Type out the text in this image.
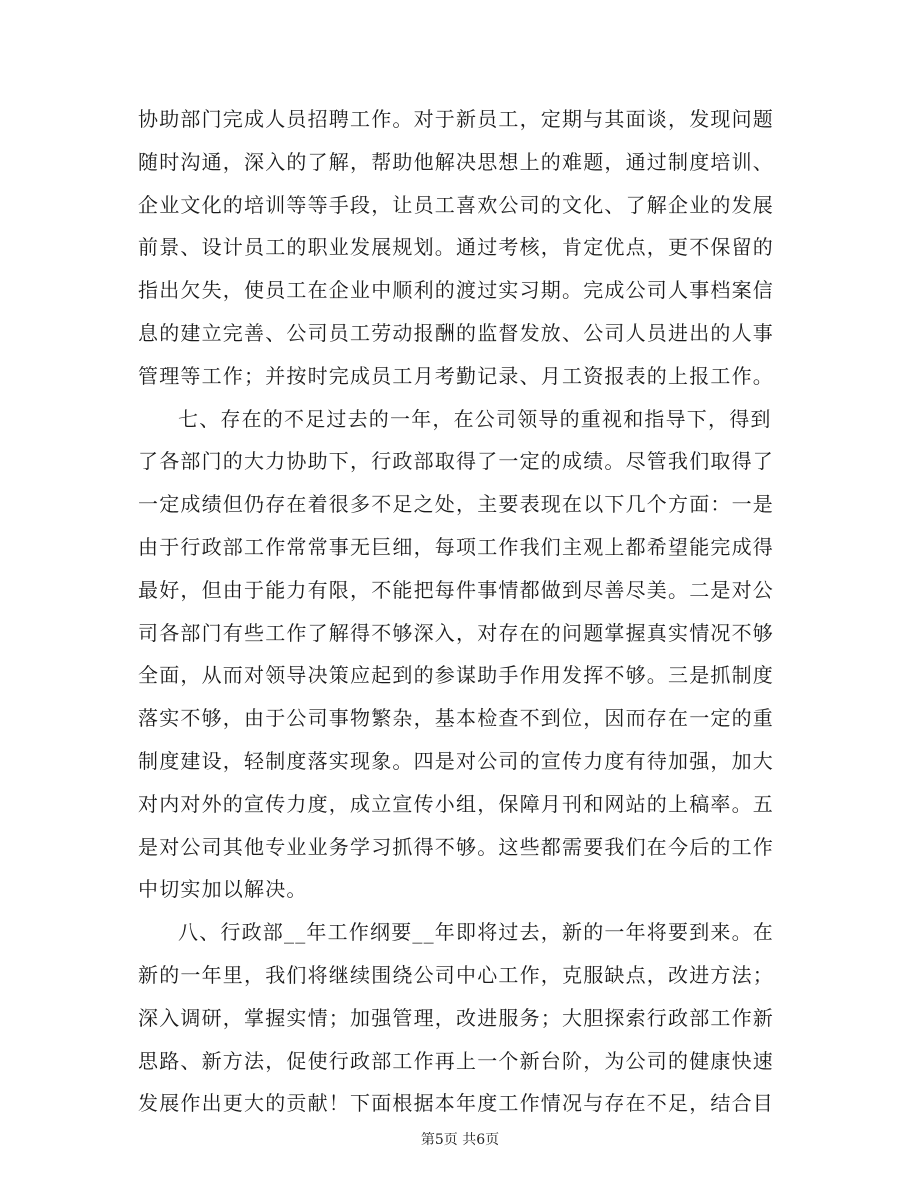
协助部门完成人员招聘工作。对于新员工，定期与其面谈，发现问题
随时沟通，深入的了解，帮助他解决思想上的难题，通过制度培训、
企业文化的培训等等手段，让员工喜欢公司的文化、了解企业的发展
前景、设计员工的职业发展规划。通过考核，肯定优点，更不保留的
指出欠失，使员工在企业中顺利的渡过实习期。完成公司人事档案信
息的建立完善、公司员工劳动报酬的监督发放、公司人员进出的人事
管理等工作；并按时完成员工月考勤记录、月工资报表的上报工作。
七、存在的不足过去的一年，在公司领导的重视和指导下，得到
了各部门的大力协助下，行政部取得了一定的成绩。尽管我们取得了
一定成绩但仍存在着很多不足之处，主要表现在以下几个方面：一是
由于行政部工作常常事无巨细，每项工作我们主观上都希望能完成得
最好，但由于能力有限，不能把每件事情都做到尽善尽美。二是对公
司各部门有些工作了解得不够深入，对存在的问题掌握真实情况不够
全面，从而对领导决策应起到的参谋助手作用发挥不够。三是抓制度
落实不够，由于公司事物繁杂，基本检查不到位，因而存在一定的重
制度建设，轻制度落实现象。四是对公司的宣传力度有待加强，加大
对内对外的宣传力度，成立宣传小组，保障月刊和网站的上稿率。五
是对公司其他专业业务学习抓得不够。这些都需要我们在今后的工作
中切实加以解决。
八、行政部__年工作纲要__年即将过去，新的一年将要到来。在
新的一年里，我们将继续围绕公司中心工作，克服缺点，改进方法；
深入调研，掌握实情；加强管理，改进服务；大胆探索行政部工作新
思路、新方法，促使行政部工作再上一个新台阶，为公司的健康快速
发展作出更大的贡献！下面根据本年度工作情况与存在不足，结合目
第5页 共6页
